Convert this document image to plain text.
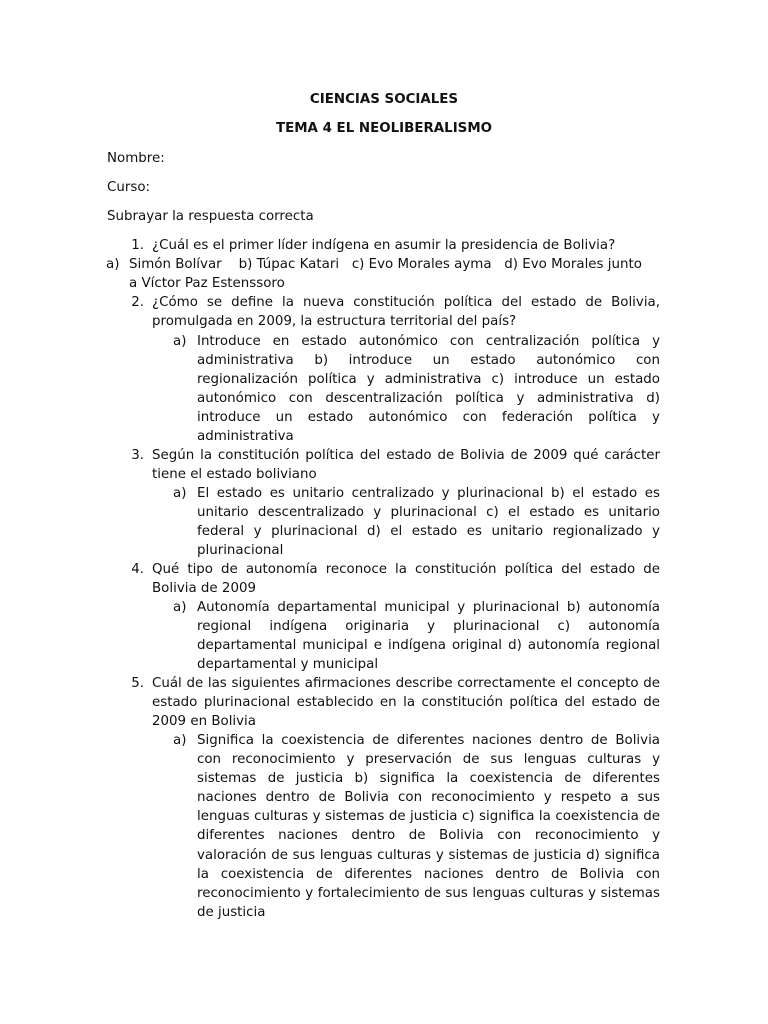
CIENCIAS SOCIALES
TEMA 4 EL NEOLIBERALISMO
Nombre:
Curso:
Subrayar la respuesta correcta
1. ¿Cuál es el primer líder indígena en asumir la presidencia de Bolivia?
a) Simón Bolívar    b) Túpac Katari   c) Evo Morales ayma   d) Evo Morales junto
a Víctor Paz Estenssoro
2. ¿Cómo se define la nueva constitución política del estado de Bolivia, promulgada en 2009, la estructura territorial del país?
a) Introduce en estado autonómico con centralización política y administrativa b) introduce un estado autonómico con regionalización política y administrativa c) introduce un estado autonómico con descentralización política y administrativa d) introduce un estado autonómico con federación política y administrativa
3. Según la constitución política del estado de Bolivia de 2009 qué carácter tiene el estado boliviano
a) El estado es unitario centralizado y plurinacional b) el estado es unitario descentralizado y plurinacional c) el estado es unitario federal y plurinacional d) el estado es unitario regionalizado y plurinacional
4. Qué tipo de autonomía reconoce la constitución política del estado de Bolivia de 2009
a) Autonomía departamental municipal y plurinacional b) autonomía regional indígena originaria y plurinacional c) autonomía departamental municipal e indígena original d) autonomía regional departamental y municipal
5. Cuál de las siguientes afirmaciones describe correctamente el concepto de estado plurinacional establecido en la constitución política del estado de 2009 en Bolivia
a) Significa la coexistencia de diferentes naciones dentro de Bolivia con reconocimiento y preservación de sus lenguas culturas y sistemas de justicia b) significa la coexistencia de diferentes naciones dentro de Bolivia con reconocimiento y respeto a sus lenguas culturas y sistemas de justicia c) significa la coexistencia de diferentes naciones dentro de Bolivia con reconocimiento y valoración de sus lenguas culturas y sistemas de justicia d) significa la coexistencia de diferentes naciones dentro de Bolivia con reconocimiento y fortalecimiento de sus lenguas culturas y sistemas de justicia
